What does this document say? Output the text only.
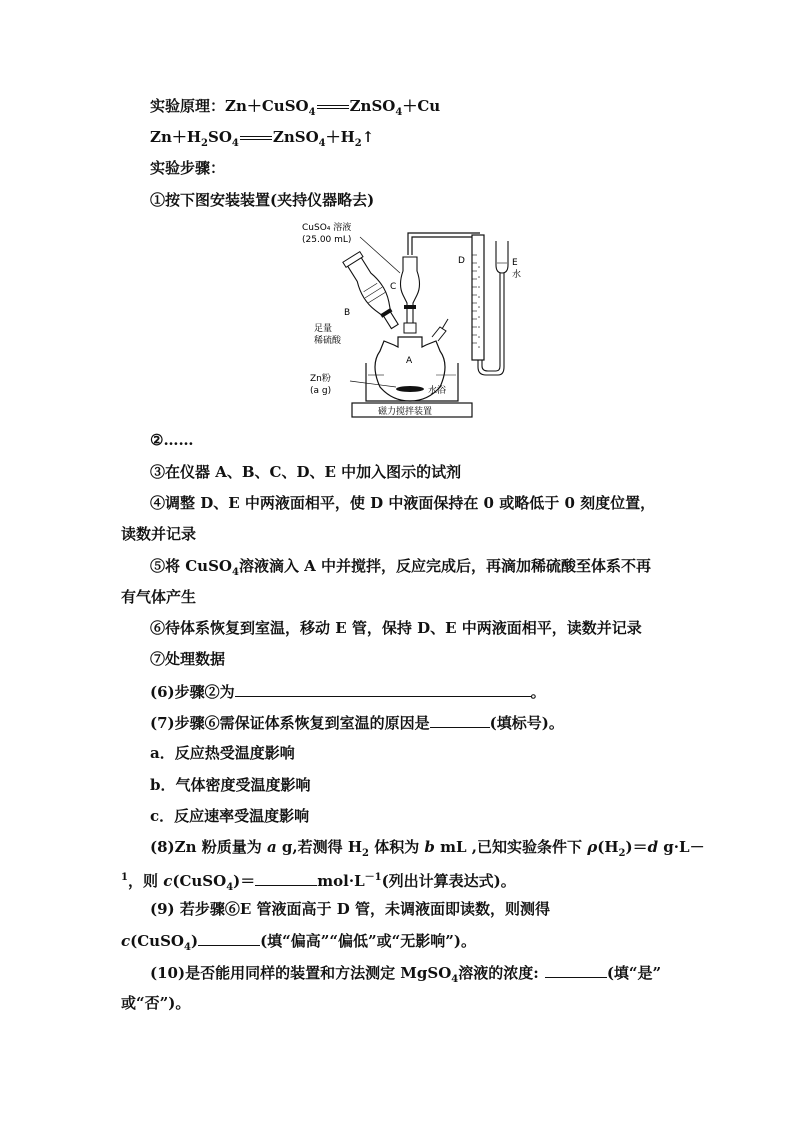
实验原理：Zn＋CuSO$_4$ ZnSO$_4$＋Cu
$Zn+H_2SO_4$ $ZnSO_4+H_2↑$
实验步骤：
①按下图安装装置(夹持仪器略去)
CuSO₄ 溶液
(25.00 mL)
D	E
水
C
B
足量
稀硫酸
A
水浴
Zn粉
(a g)
磁力搅拌装置
②……
③在仪器 A、B、C、D、E 中加入图示的试剂
④调整 D、E 中两液面相平，使 D 中液面保持在 0 或略低于 0 刻度位置，
读数并记录
⑤将 CuSO$_4$溶液滴入 A 中并搅拌，反应完成后，再滴加稀硫酸至体系不再
有气体产生
⑥待体系恢复到室温，移动 E 管，保持 D、E 中两液面相平，读数并记录
⑦处理数据
(6)步骤②为	。
(7)步骤⑥需保证体系恢复到室温的原因是	(填标号)。
a．反应热受温度影响
b．气体密度受温度影响
c．反应速率受温度影响
(8)Zn 粉质量为 a g,若测得 $H_2$ 体积为 b mL ,已知实验条件下 $\rho(H_2)=d$ g·L－
$^1$，则 c(CuSO$_4$)＝	$mol\cdot L^{-1}$(列出计算表达式)。
(9) 若步骤⑥E 管液面高于 D 管，未调液面即读数，则测得
c(CuSO$_4$)	(填“偏高”“偏低”或“无影响”)。
(10)是否能用同样的装置和方法测定 MgSO$_4$溶液的浓度:	(填“是”
或“否”)。
